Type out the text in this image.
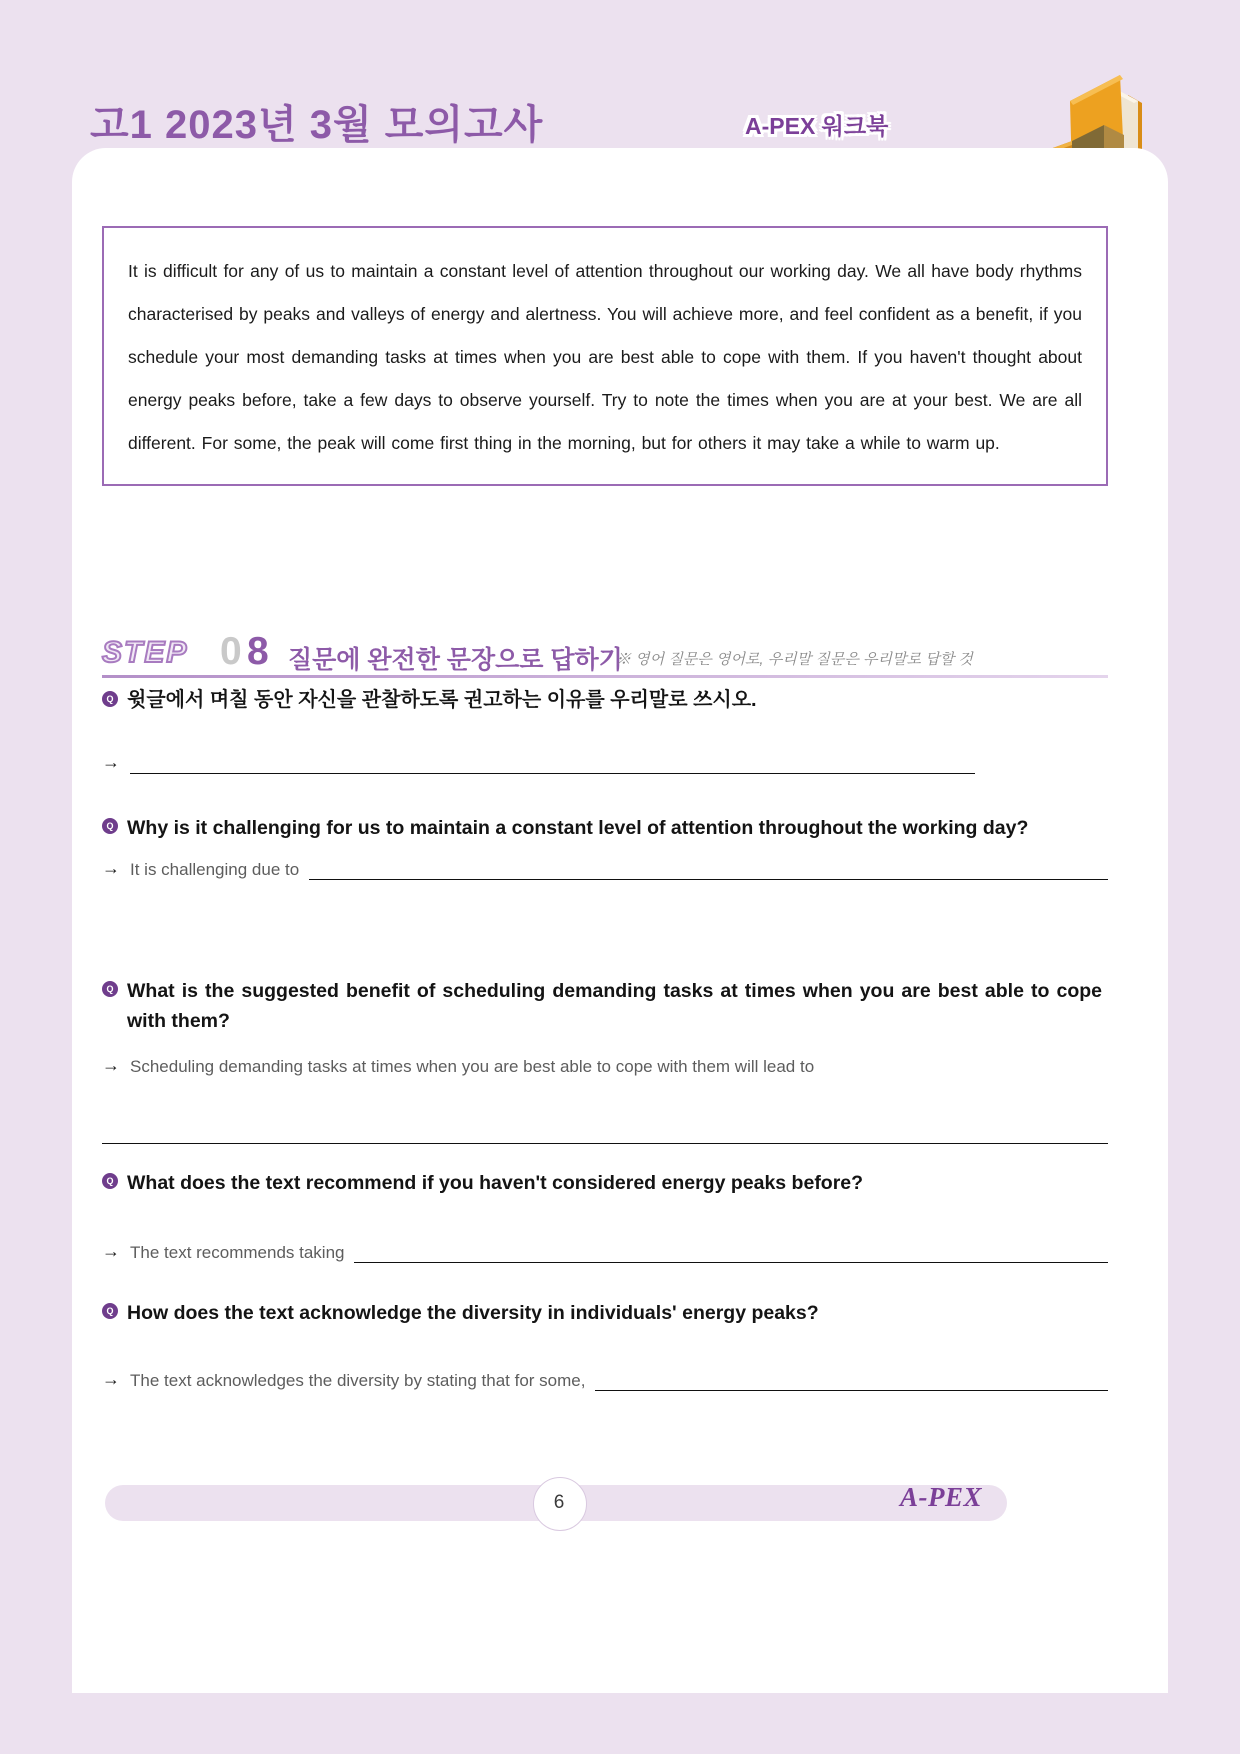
고1 2023년 3월 모의고사	A-PEX 워크북
It is difficult for any of us to maintain a constant level of attention throughout our working day. We all have body rhythms characterised by peaks and valleys of energy and alertness. You will achieve more, and feel confident as a benefit, if you schedule your most demanding tasks at times when you are best able to cope with them. If you haven't thought about energy peaks before, take a few days to observe yourself. Try to note the times when you are at your best. We are all different. For some, the peak will come first thing in the morning, but for others it may take a while to warm up.
STEP 0 8 질문에 완전한 문장으로 답하기
※ 영어 질문은 영어로, 우리말 질문은 우리말로 답할 것
Q 윗글에서 며칠 동안 자신을 관찰하도록 권고하는 이유를 우리말로 쓰시오.
→
Q Why is it challenging for us to maintain a constant level of attention throughout the working day?
→ It is challenging due to
Q What is the suggested benefit of scheduling demanding tasks at times when you are best able to cope with them?
→ Scheduling demanding tasks at times when you are best able to cope with them will lead to
Q What does the text recommend if you haven't considered energy peaks before?
→ The text recommends taking
Q How does the text acknowledge the diversity in individuals' energy peaks?
→ The text acknowledges the diversity by stating that for some,
6	A-PEX
